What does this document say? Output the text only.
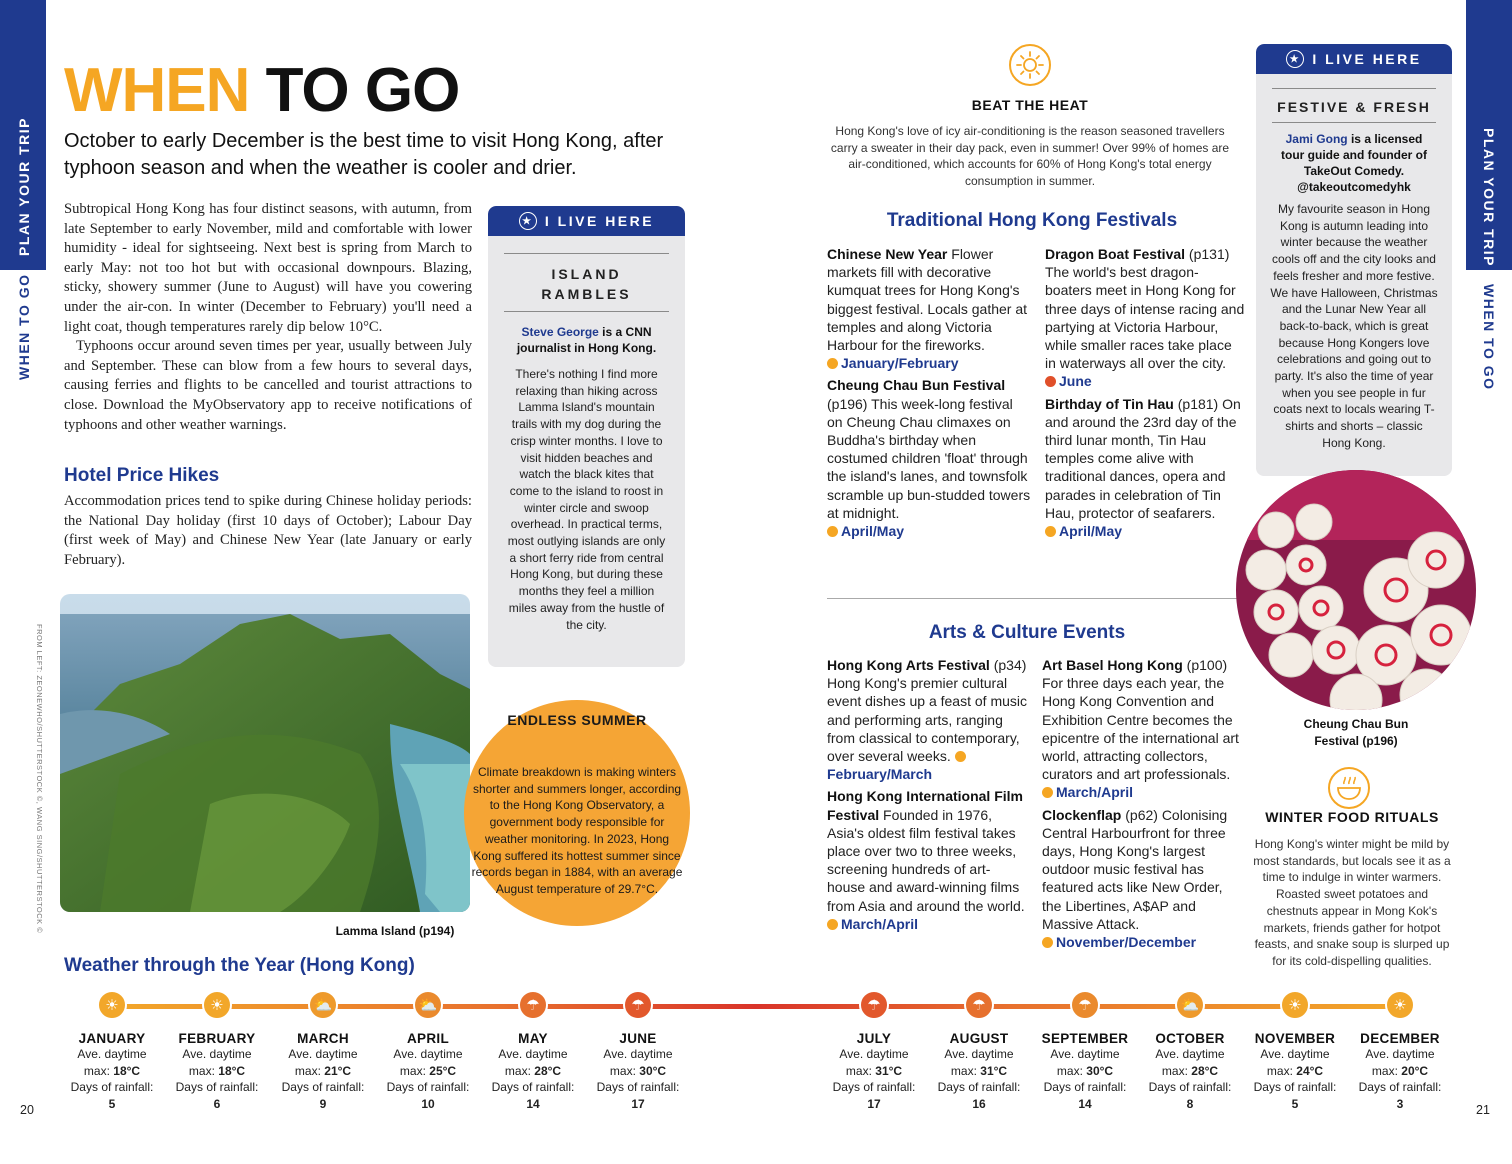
PLAN YOUR TRIP
WHEN TO GO
PLAN YOUR TRIP
WHEN TO GO
WHEN TO GO
October to early December is the best time to visit Hong Kong, after typhoon season and when the weather is cooler and drier.

Subtropical Hong Kong has four distinct seasons, with autumn, from late September to early November, mild and comfortable with lower humidity - ideal for sightseeing. Next best is spring from March to early May: not too hot but with occasional downpours. Blazing, sticky, showery summer (June to August) will have you cowering under the air-con. In winter (December to February) you'll need a light coat, though temperatures rarely dip below 10°C.

Typhoons occur around seven times per year, usually between July and September. These can blow from a few hours to several days, causing ferries and flights to be cancelled and tourist attractions to close. Download the MyObservatory app to receive notifications of typhoons and other weather warnings.

Hotel Price Hikes
Accommodation prices tend to spike during Chinese holiday periods: the National Day holiday (first 10 days of October); Labour Day (first week of May) and Chinese New Year (late January or early February).
FROM LEFT: ZEONEWHO/SHUTTERSTOCK ©, WANG SING/SHUTTERSTOCK ©	Lamma Island (p194)
★ I LIVE HERE
ISLAND
RAMBLES
Steve George is a CNN journalist in Hong Kong.
There's nothing I find more relaxing than hiking across Lamma Island's mountain trails with my dog during the crisp winter months. I love to visit hidden beaches and watch the black kites that come to the island to roost in winter circle and swoop overhead. In practical terms, most outlying islands are only a short ferry ride from central Hong Kong, but during these months they feel a million miles away from the hustle of the city.
ENDLESS SUMMER
Climate breakdown is making winters shorter and summers longer, according to the Hong Kong Observatory, a government body responsible for weather monitoring. In 2023, Hong Kong suffered its hottest summer since records began in 1884, with an average August temperature of 29.7°C.
BEAT THE HEAT
Hong Kong's love of icy air-conditioning is the reason seasoned travellers carry a sweater in their day pack, even in summer! Over 99% of homes are air-conditioned, which accounts for 60% of Hong Kong's total energy consumption in summer.
Traditional Hong Kong Festivals
Chinese New Year Flower markets fill with decorative kumquat trees for Hong Kong's biggest festival. Locals gather at temples and along Victoria Harbour for the fireworks.
January/February
Cheung Chau Bun Festival (p196) This week-long festival on Cheung Chau climaxes on Buddha's birthday when costumed children 'float' through the island's lanes, and townsfolk scramble up bun-studded towers at midnight.
April/May
Dragon Boat Festival (p131) The world's best dragon-boaters meet in Hong Kong for three days of intense racing and partying at Victoria Harbour, while smaller races take place in waterways all over the city.
June
Birthday of Tin Hau (p181) On and around the 23rd day of the third lunar month, Tin Hau temples come alive with traditional dances, opera and parades in celebration of Tin Hau, protector of seafarers.
April/May
Arts & Culture Events
Hong Kong Arts Festival (p34) Hong Kong's premier cultural event dishes up a feast of music and performing arts, ranging from classical to contemporary, over several weeks. February/March
Hong Kong International Film Festival Founded in 1976, Asia's oldest film festival takes place over two to three weeks, screening hundreds of art-house and award-winning films from Asia and around the world.
March/April
Art Basel Hong Kong (p100) For three days each year, the Hong Kong Convention and Exhibition Centre becomes the epicentre of the international art world, attracting collectors, curators and art professionals.
March/April
Clockenflap (p62) Colonising Central Harbourfront for three days, Hong Kong's largest outdoor music festival has featured acts like New Order, the Libertines, A$AP and Massive Attack.
November/December
★ I LIVE HERE
FESTIVE & FRESH
Jami Gong is a licensed tour guide and founder of TakeOut Comedy. @takeoutcomedyhk
My favourite season in Hong Kong is autumn leading into winter because the weather cools off and the city looks and feels fresher and more festive. We have Halloween, Christmas and the Lunar New Year all back-to-back, which is great because Hong Kongers love celebrations and going out to party. It's also the time of year when you see people in fur coats next to locals wearing T-shirts and shorts – classic Hong Kong.
Cheung Chau Bun Festival (p196)
WINTER FOOD RITUALS
Hong Kong's winter might be mild by most standards, but locals see it as a time to indulge in winter warmers. Roasted sweet potatoes and chestnuts appear in Mong Kok's markets, friends gather for hotpot feasts, and snake soup is slurped up for its cold-dispelling qualities.
Weather through the Year (Hong Kong)
☀
JANUARY
Ave. daytime
max: 18°C
Days of rainfall:
5
☀
FEBRUARY
Ave. daytime
max: 18°C
Days of rainfall:
6
⛅
MARCH
Ave. daytime
max: 21°C
Days of rainfall:
9
⛅
APRIL
Ave. daytime
max: 25°C
Days of rainfall:
10
☂
MAY
Ave. daytime
max: 28°C
Days of rainfall:
14
☂
JUNE
Ave. daytime
max: 30°C
Days of rainfall:
17
☂
JULY
Ave. daytime
max: 31°C
Days of rainfall:
17
☂
AUGUST
Ave. daytime
max: 31°C
Days of rainfall:
16
☂
SEPTEMBER
Ave. daytime
max: 30°C
Days of rainfall:
14
⛅
OCTOBER
Ave. daytime
max: 28°C
Days of rainfall:
8
☀
NOVEMBER
Ave. daytime
max: 24°C
Days of rainfall:
5
☀
DECEMBER
Ave. daytime
max: 20°C
Days of rainfall:
3
20	21
